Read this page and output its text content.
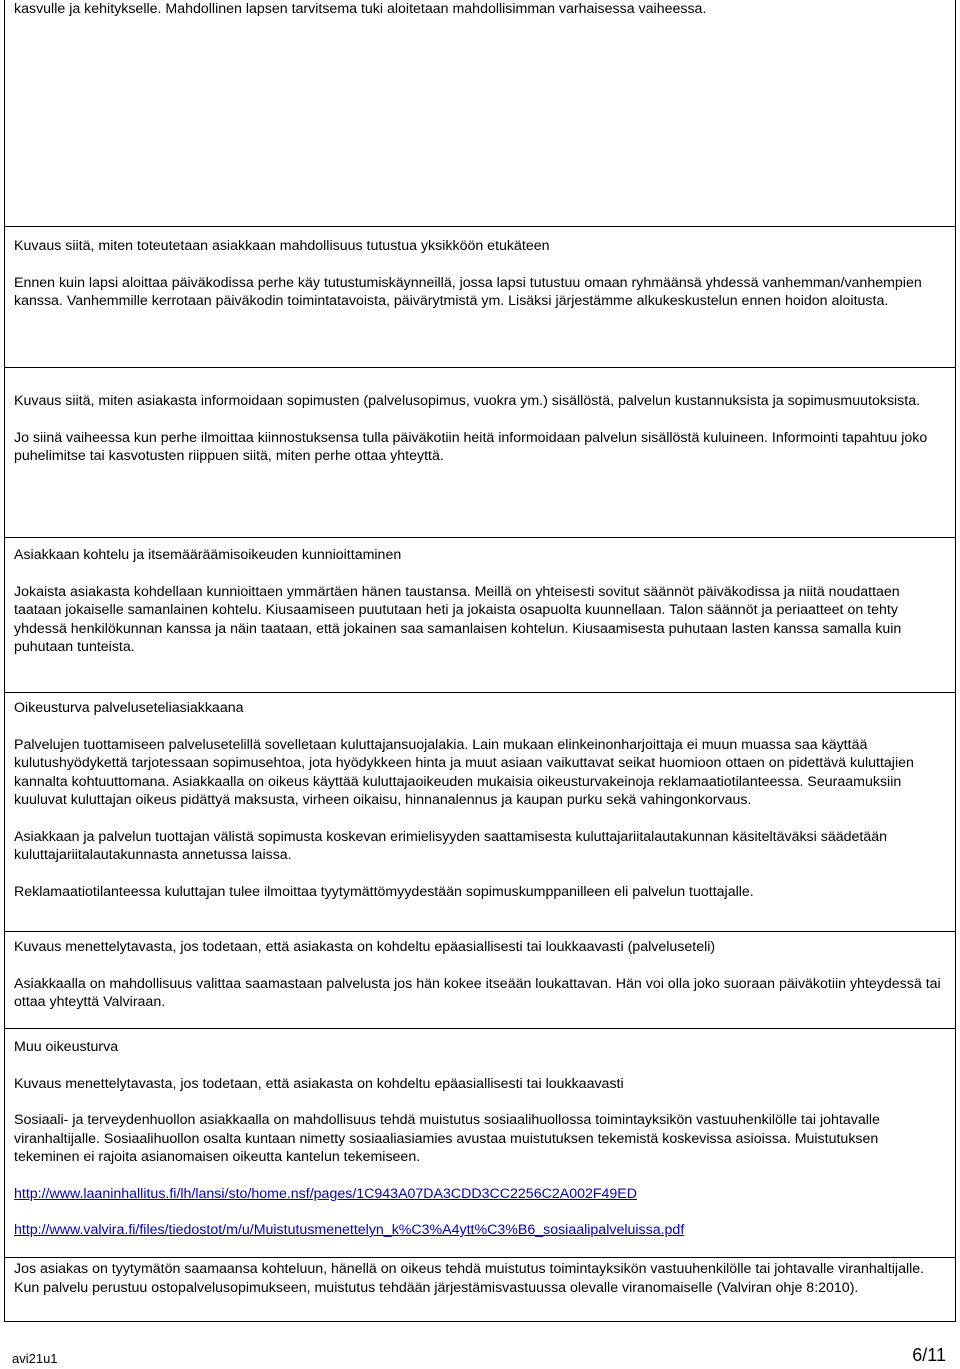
kasvulle ja kehitykselle. Mahdollinen lapsen tarvitsema tuki aloitetaan mahdollisimman varhaisessa vaiheessa.

Kuvaus siitä, miten toteutetaan asiakkaan mahdollisuus tutustua yksikköön etukäteen

Ennen kuin lapsi aloittaa päiväkodissa perhe käy tutustumiskäynneillä, jossa lapsi tutustuu omaan ryhmäänsä yhdessä vanhemman/vanhempien kanssa. Vanhemmille kerrotaan päiväkodin toimintatavoista, päivärytmistä ym. Lisäksi järjestämme alkukeskustelun ennen hoidon aloitusta.

Kuvaus siitä, miten asiakasta informoidaan sopimusten (palvelusopimus, vuokra ym.) sisällöstä, palvelun kustannuksista ja sopimusmuutoksista.

Jo siinä vaiheessa kun perhe ilmoittaa kiinnostuksensa tulla päiväkotiin heitä informoidaan palvelun sisällöstä kuluineen. Informointi tapahtuu joko puhelimitse tai kasvotusten riippuen siitä, miten perhe ottaa yhteyttä.

Asiakkaan kohtelu ja itsemääräämisoikeuden kunnioittaminen

Jokaista asiakasta kohdellaan kunnioittaen ymmärtäen hänen taustansa. Meillä on yhteisesti sovitut säännöt päiväkodissa ja niitä noudattaen taataan jokaiselle samanlainen kohtelu. Kiusaamiseen puututaan heti ja jokaista osapuolta kuunnellaan. Talon säännöt ja periaatteet on tehty yhdessä henkilökunnan kanssa ja näin taataan, että jokainen saa samanlaisen kohtelun. Kiusaamisesta puhutaan lasten kanssa samalla kuin puhutaan tunteista.

Oikeusturva palveluseteliasiakkaana

Palvelujen tuottamiseen palvelusetelillä sovelletaan kuluttajansuojalakia. Lain mukaan elinkeinonharjoittaja ei muun muassa saa käyttää kulutushyödykettä tarjotessaan sopimusehtoa, jota hyödykkeen hinta ja muut asiaan vaikuttavat seikat huomioon ottaen on pidettävä kuluttajien kannalta kohtuuttomana. Asiakkaalla on oikeus käyttää kuluttajaoikeuden mukaisia oikeusturvakeinoja reklamaatiotilanteessa. Seuraamuksiin kuuluvat kuluttajan oikeus pidättyä maksusta, virheen oikaisu, hinnanalennus ja kaupan purku sekä vahingonkorvaus.

Asiakkaan ja palvelun tuottajan välistä sopimusta koskevan erimielisyyden saattamisesta kuluttajariitalautakunnan käsiteltäväksi säädetään kuluttajariitalautakunnasta annetussa laissa.

Reklamaatiotilanteessa kuluttajan tulee ilmoittaa tyytymättömyydestään sopimuskumppanilleen eli palvelun tuottajalle.

Kuvaus menettelytavasta, jos todetaan, että asiakasta on kohdeltu epäasiallisesti tai loukkaavasti (palveluseteli)

Asiakkaalla on mahdollisuus valittaa saamastaan palvelusta jos hän kokee itseään loukattavan. Hän voi olla joko suoraan päiväkotiin yhteydessä tai ottaa yhteyttä Valviraan.

Muu oikeusturva

Kuvaus menettelytavasta, jos todetaan, että asiakasta on kohdeltu epäasiallisesti tai loukkaavasti

Sosiaali- ja terveydenhuollon asiakkaalla on mahdollisuus tehdä muistutus sosiaalihuollossa toimintayksikön vastuuhenkilölle tai johtavalle viranhaltijalle. Sosiaalihuollon osalta kuntaan nimetty sosiaaliasiamies avustaa muistutuksen tekemistä koskevissa asioissa. Muistutuksen tekeminen ei rajoita asianomaisen oikeutta kantelun tekemiseen.

http://www.laaninhallitus.fi/lh/lansi/sto/home.nsf/pages/1C943A07DA3CDD3CC2256C2A002F49ED

http://www.valvira.fi/files/tiedostot/m/u/Muistutusmenettelyn_k%C3%A4ytt%C3%B6_sosiaalipalveluissa.pdf

Jos asiakas on tyytymätön saamaansa kohteluun, hänellä on oikeus tehdä muistutus toimintayksikön vastuuhenkilölle tai johtavalle viranhaltijalle. Kun palvelu perustuu ostopalvelusopimukseen, muistutus tehdään järjestämisvastuussa olevalle viranomaiselle (Valviran ohje 8:2010).

avi21u1	6/11
